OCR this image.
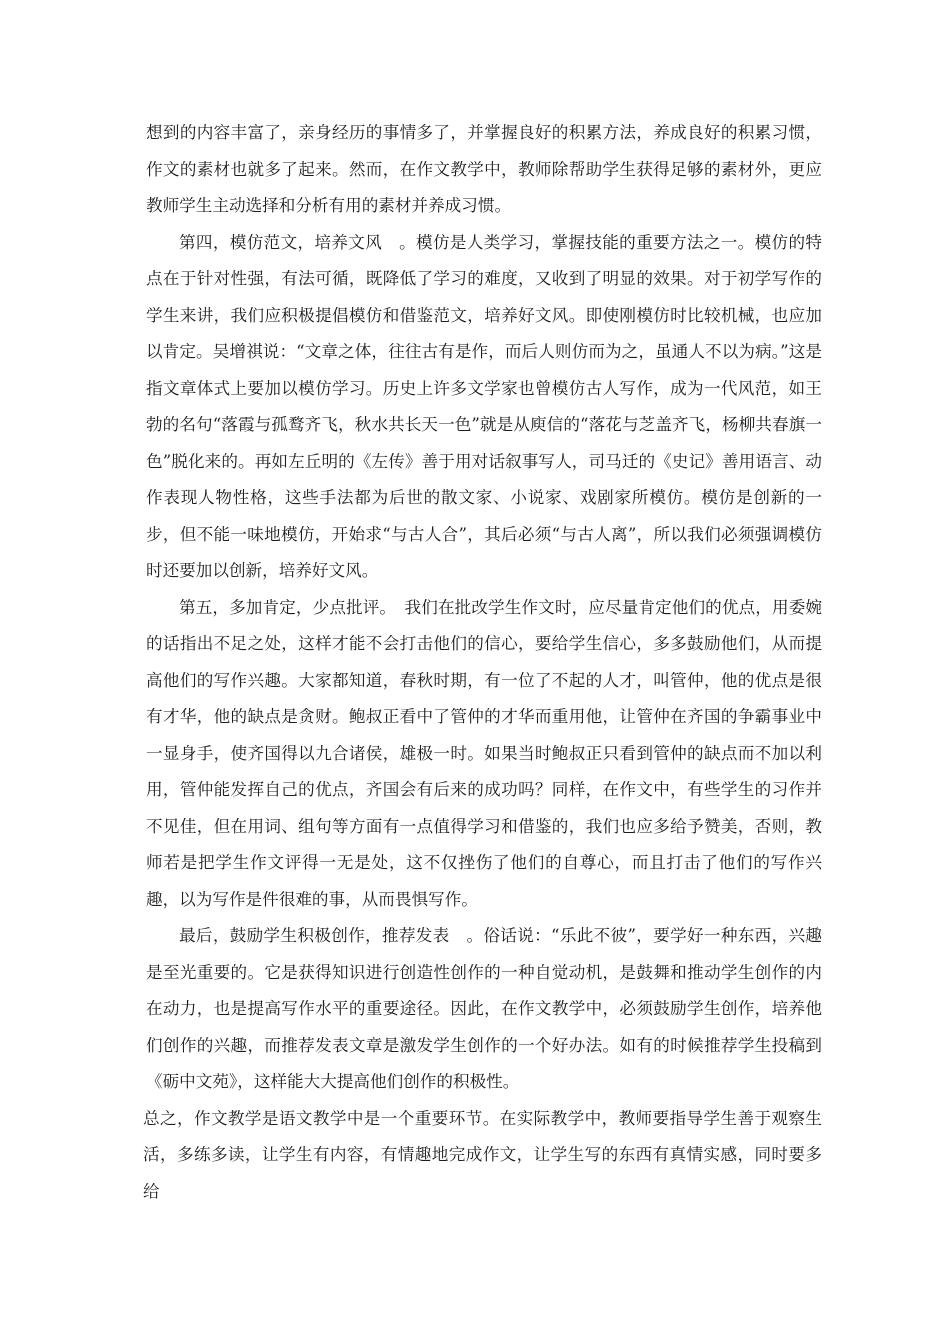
想到的内容丰富了，亲身经历的事情多了，并掌握良好的积累方法，养成良好的积累习惯，作文的素材也就多了起来。然而，在作文教学中，教师除帮助学生获得足够的素材外，更应教师学生主动选择和分析有用的素材并养成习惯。

第四，模仿范文，培养文风　。模仿是人类学习，掌握技能的重要方法之一。模仿的特点在于针对性强，有法可循，既降低了学习的难度，又收到了明显的效果。对于初学写作的学生来讲，我们应积极提倡模仿和借鉴范文，培养好文风。即使刚模仿时比较机械，也应加以肯定。吴增祺说：“文章之体，往往古有是作，而后人则仿而为之，虽通人不以为病。”这是指文章体式上要加以模仿学习。历史上许多文学家也曾模仿古人写作，成为一代风范，如王勃的名句“落霞与孤鹜齐飞，秋水共长天一色”就是从庾信的“落花与芝盖齐飞，杨柳共春旗一色”脱化来的。再如左丘明的《左传》善于用对话叙事写人，司马迁的《史记》善用语言、动作表现人物性格，这些手法都为后世的散文家、小说家、戏剧家所模仿。模仿是创新的一步，但不能一味地模仿，开始求“与古人合”，其后必须“与古人离”，所以我们必须强调模仿时还要加以创新，培养好文风。

第五，多加肯定，少点批评。　我们在批改学生作文时，应尽量肯定他们的优点，用委婉的话指出不足之处，这样才能不会打击他们的信心，要给学生信心，多多鼓励他们，从而提高他们的写作兴趣。大家都知道，春秋时期，有一位了不起的人才，叫管仲，他的优点是很有才华，他的缺点是贪财。鲍叔正看中了管仲的才华而重用他，让管仲在齐国的争霸事业中一显身手，使齐国得以九合诸侯，雄极一时。如果当时鲍叔正只看到管仲的缺点而不加以利用，管仲能发挥自己的优点，齐国会有后来的成功吗？同样，在作文中，有些学生的习作并不见佳，但在用词、组句等方面有一点值得学习和借鉴的，我们也应多给予赞美，否则，教师若是把学生作文评得一无是处，这不仅挫伤了他们的自尊心，而且打击了他们的写作兴趣，以为写作是件很难的事，从而畏惧写作。

最后，鼓励学生积极创作，推荐发表　。俗话说：“乐此不彼”，要学好一种东西，兴趣是至光重要的。它是获得知识进行创造性创作的一种自觉动机，是鼓舞和推动学生创作的内在动力，也是提高写作水平的重要途径。因此，在作文教学中，必须鼓励学生创作，培养他们创作的兴趣，而推荐发表文章是激发学生创作的一个好办法。如有的时候推荐学生投稿到《砺中文苑》，这样能大大提高他们创作的积极性。

总之，作文教学是语文教学中是一个重要环节。在实际教学中，教师要指导学生善于观察生活，多练多读，让学生有内容，有情趣地完成作文，让学生写的东西有真情实感，同时要多给
